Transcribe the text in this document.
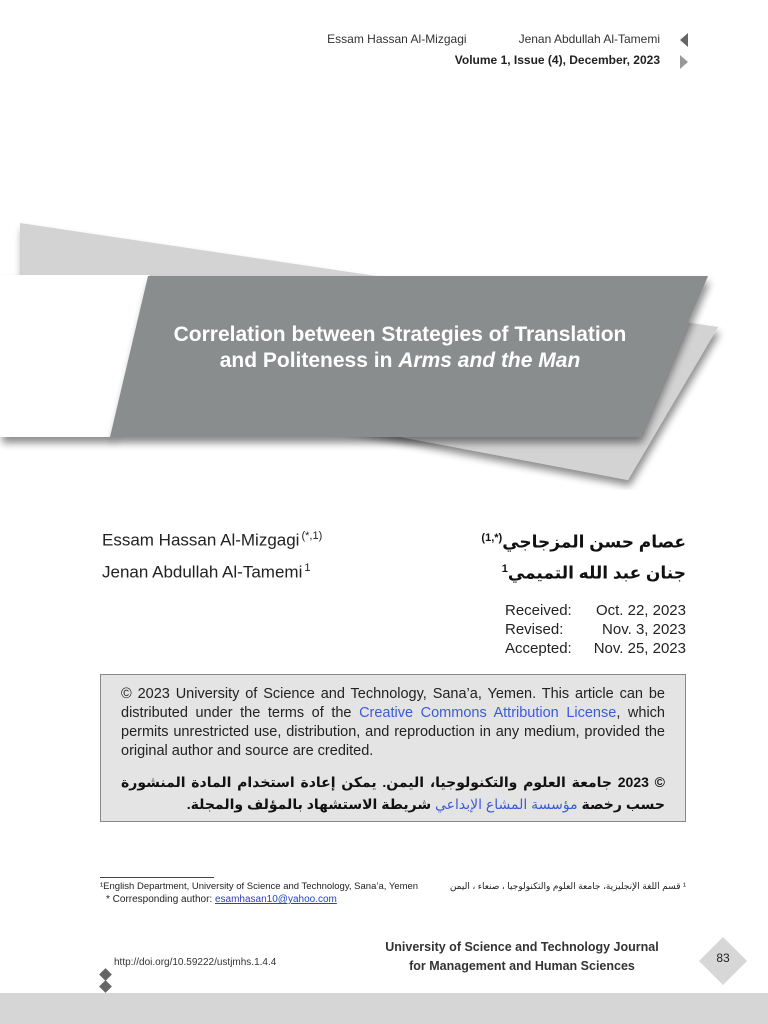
Essam Hassan Al-Mizgagi	Jenan Abdullah Al-Tamemi
Volume 1, Issue (4), December, 2023
Correlation between Strategies of Translation
and Politeness in Arms and the Man
Essam Hassan Al-Mizgagi $^{(*,1)}$
Jenan Abdullah Al-Tamemi $^1$
عصام حسن المزجاجي$^{(*,1)}$
جنان عبد الله التميمي$^1$
Received: Oct. 22, 2023
Revised:	Nov. 3, 2023
Accepted: Nov. 25, 2023
© 2023 University of Science and Technology, Sana’a, Yemen. This article can be distributed under the terms of the Creative Commons Attribution License, which permits unrestricted use, distribution, and reproduction in any medium, provided the original author and source are credited.
© 2023 جامعة العلوم والتكنولوجيا، اليمن. يمكن إعادة استخدام المادة المنشورة حسب رخصة مؤسسة المشاع الإبداعي شريطة الاستشهاد بالمؤلف والمجلة.
¹English Department, University of Science and Technology, Sana’a, Yemen
* Corresponding author: esamhasan10@yahoo.com
¹ قسم اللغة الإنجليزية، جامعة العلوم والتكنولوجيا ، صنعاء ، اليمن
http://doi.org/10.59222/ustjmhs.1.4.4
University of Science and Technology Journal
for Management and Human Sciences
83
